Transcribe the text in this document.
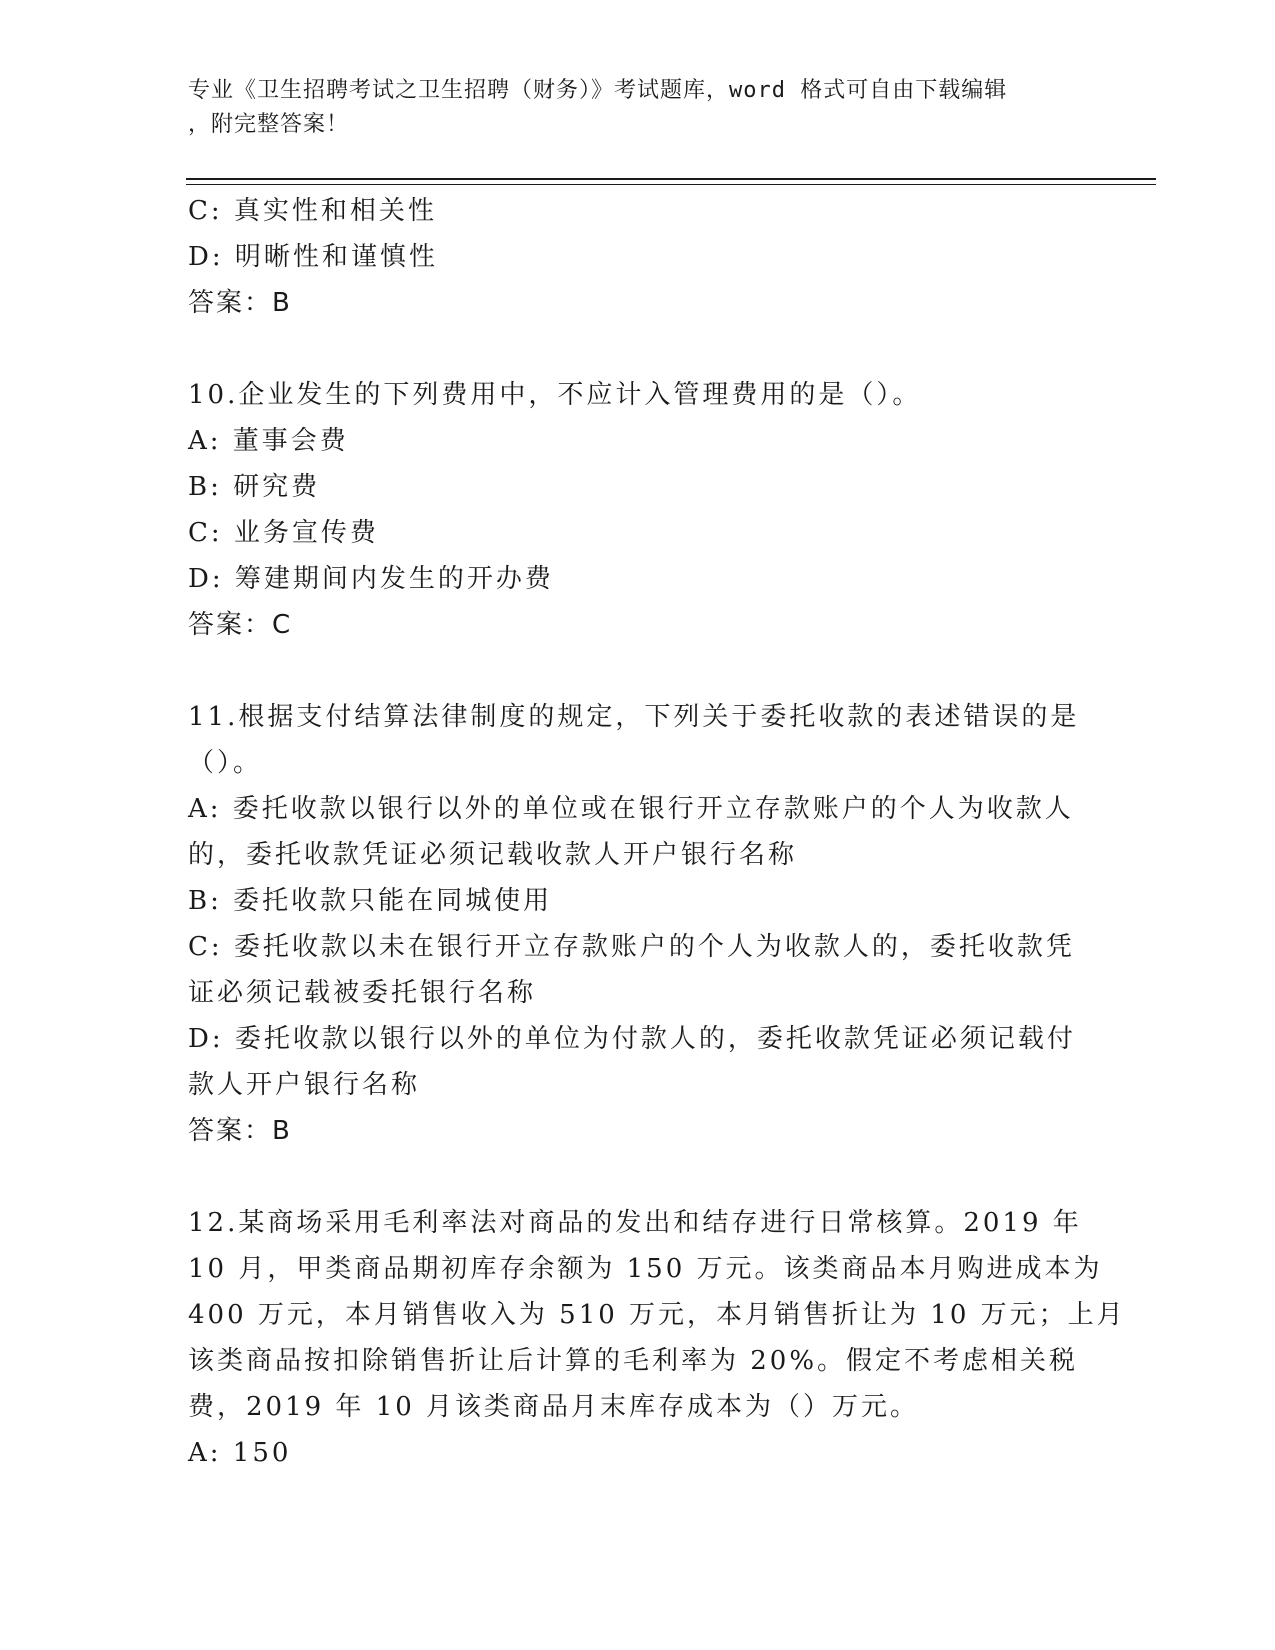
专业《卫生招聘考试之卫生招聘（财务）》考试题库，word 格式可自由下载编辑
，附完整答案！
C: 真实性和相关性
D: 明晰性和谨慎性
答案：B
10.企业发生的下列费用中，不应计入管理费用的是（）。
A: 董事会费
B: 研究费
C: 业务宣传费
D: 筹建期间内发生的开办费
答案：C
11.根据支付结算法律制度的规定，下列关于委托收款的表述错误的是
（）。
A: 委托收款以银行以外的单位或在银行开立存款账户的个人为收款人
的，委托收款凭证必须记载收款人开户银行名称
B: 委托收款只能在同城使用
C: 委托收款以未在银行开立存款账户的个人为收款人的，委托收款凭
证必须记载被委托银行名称
D: 委托收款以银行以外的单位为付款人的，委托收款凭证必须记载付
款人开户银行名称
答案：B
12.某商场采用毛利率法对商品的发出和结存进行日常核算。2019 年
10 月，甲类商品期初库存余额为 150 万元。该类商品本月购进成本为
400 万元，本月销售收入为 510 万元，本月销售折让为 10 万元；上月
该类商品按扣除销售折让后计算的毛利率为 20%。假定不考虑相关税
费，2019 年 10 月该类商品月末库存成本为（）万元。
A: 150
